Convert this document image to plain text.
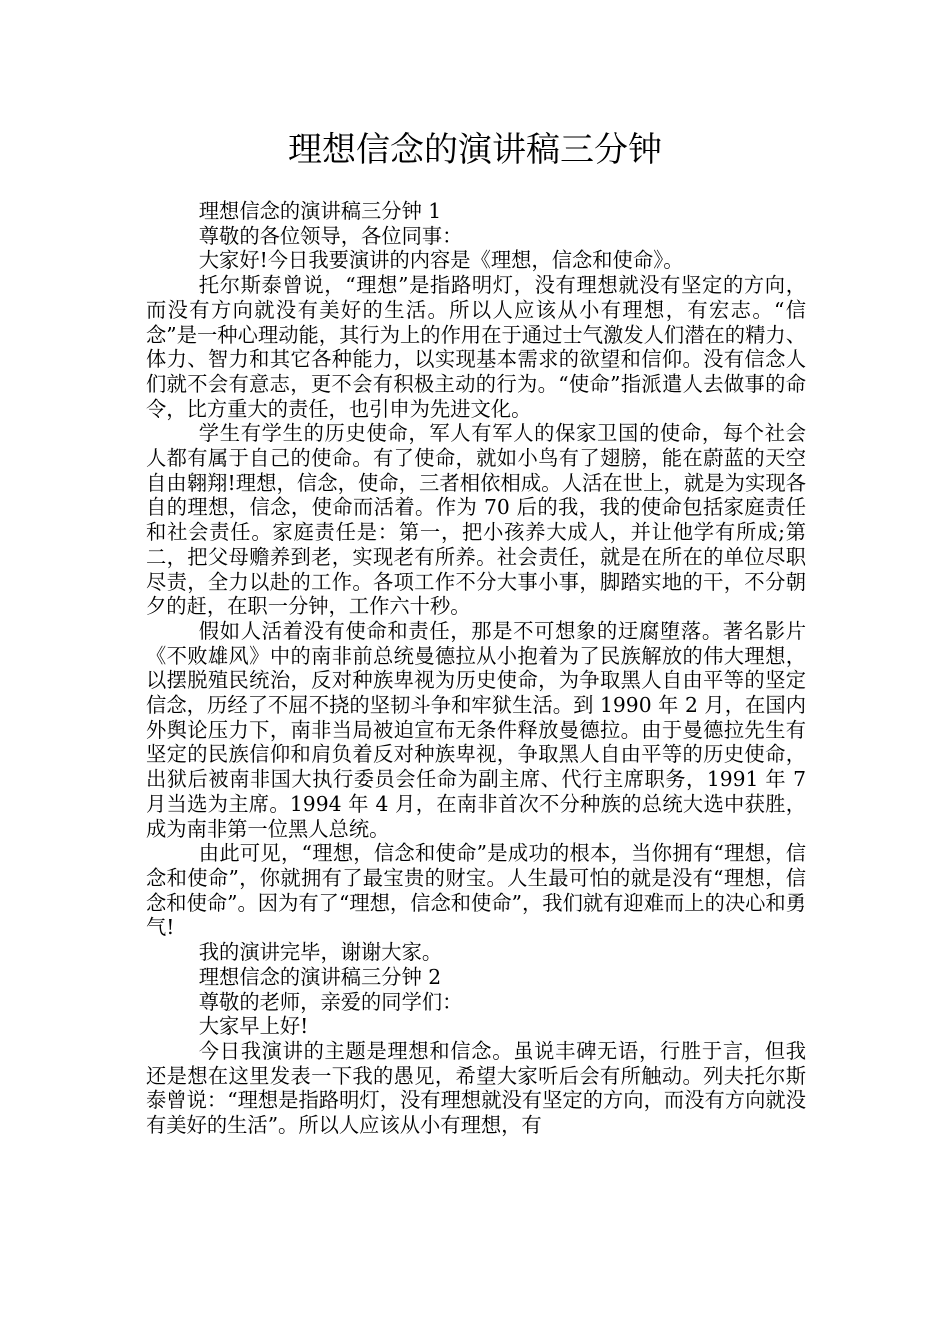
理想信念的演讲稿三分钟

理想信念的演讲稿三分钟 1

尊敬的各位领导，各位同事：

大家好!今日我要演讲的内容是《理想，信念和使命》。

托尔斯泰曾说，“理想”是指路明灯，没有理想就没有坚定的方向，而没有方向就没有美好的生活。所以人应该从小有理想，有宏志。“信念”是一种心理动能，其行为上的作用在于通过士气激发人们潜在的精力、体力、智力和其它各种能力，以实现基本需求的欲望和信仰。没有信念人们就不会有意志，更不会有积极主动的行为。“使命”指派遣人去做事的命令，比方重大的责任，也引申为先进文化。

学生有学生的历史使命，军人有军人的保家卫国的使命，每个社会人都有属于自己的使命。有了使命，就如小鸟有了翅膀，能在蔚蓝的天空自由翱翔!理想，信念，使命，三者相依相成。人活在世上，就是为实现各自的理想，信念，使命而活着。作为 70 后的我，我的使命包括家庭责任和社会责任。家庭责任是：第一，把小孩养大成人，并让他学有所成;第二，把父母赡养到老，实现老有所养。社会责任，就是在所在的单位尽职尽责，全力以赴的工作。各项工作不分大事小事，脚踏实地的干，不分朝夕的赶，在职一分钟，工作六十秒。

假如人活着没有使命和责任，那是不可想象的迂腐堕落。著名影片《不败雄风》中的南非前总统曼德拉从小抱着为了民族解放的伟大理想，以摆脱殖民统治，反对种族卑视为历史使命，为争取黑人自由平等的坚定信念，历经了不屈不挠的坚韧斗争和牢狱生活。到 1990 年 2 月，在国内外舆论压力下，南非当局被迫宣布无条件释放曼德拉。由于曼德拉先生有坚定的民族信仰和肩负着反对种族卑视，争取黑人自由平等的历史使命，出狱后被南非国大执行委员会任命为副主席、代行主席职务，1991 年 7 月当选为主席。1994 年 4 月，在南非首次不分种族的总统大选中获胜，成为南非第一位黑人总统。

由此可见，“理想，信念和使命”是成功的根本，当你拥有“理想，信念和使命”，你就拥有了最宝贵的财宝。人生最可怕的就是没有“理想，信念和使命”。因为有了“理想，信念和使命”，我们就有迎难而上的决心和勇气!

我的演讲完毕，谢谢大家。

理想信念的演讲稿三分钟 2

尊敬的老师，亲爱的同学们：

大家早上好!

今日我演讲的主题是理想和信念。虽说丰碑无语，行胜于言，但我还是想在这里发表一下我的愚见，希望大家听后会有所触动。列夫托尔斯泰曾说：“理想是指路明灯，没有理想就没有坚定的方向，而没有方向就没有美好的生活”。所以人应该从小有理想，有
